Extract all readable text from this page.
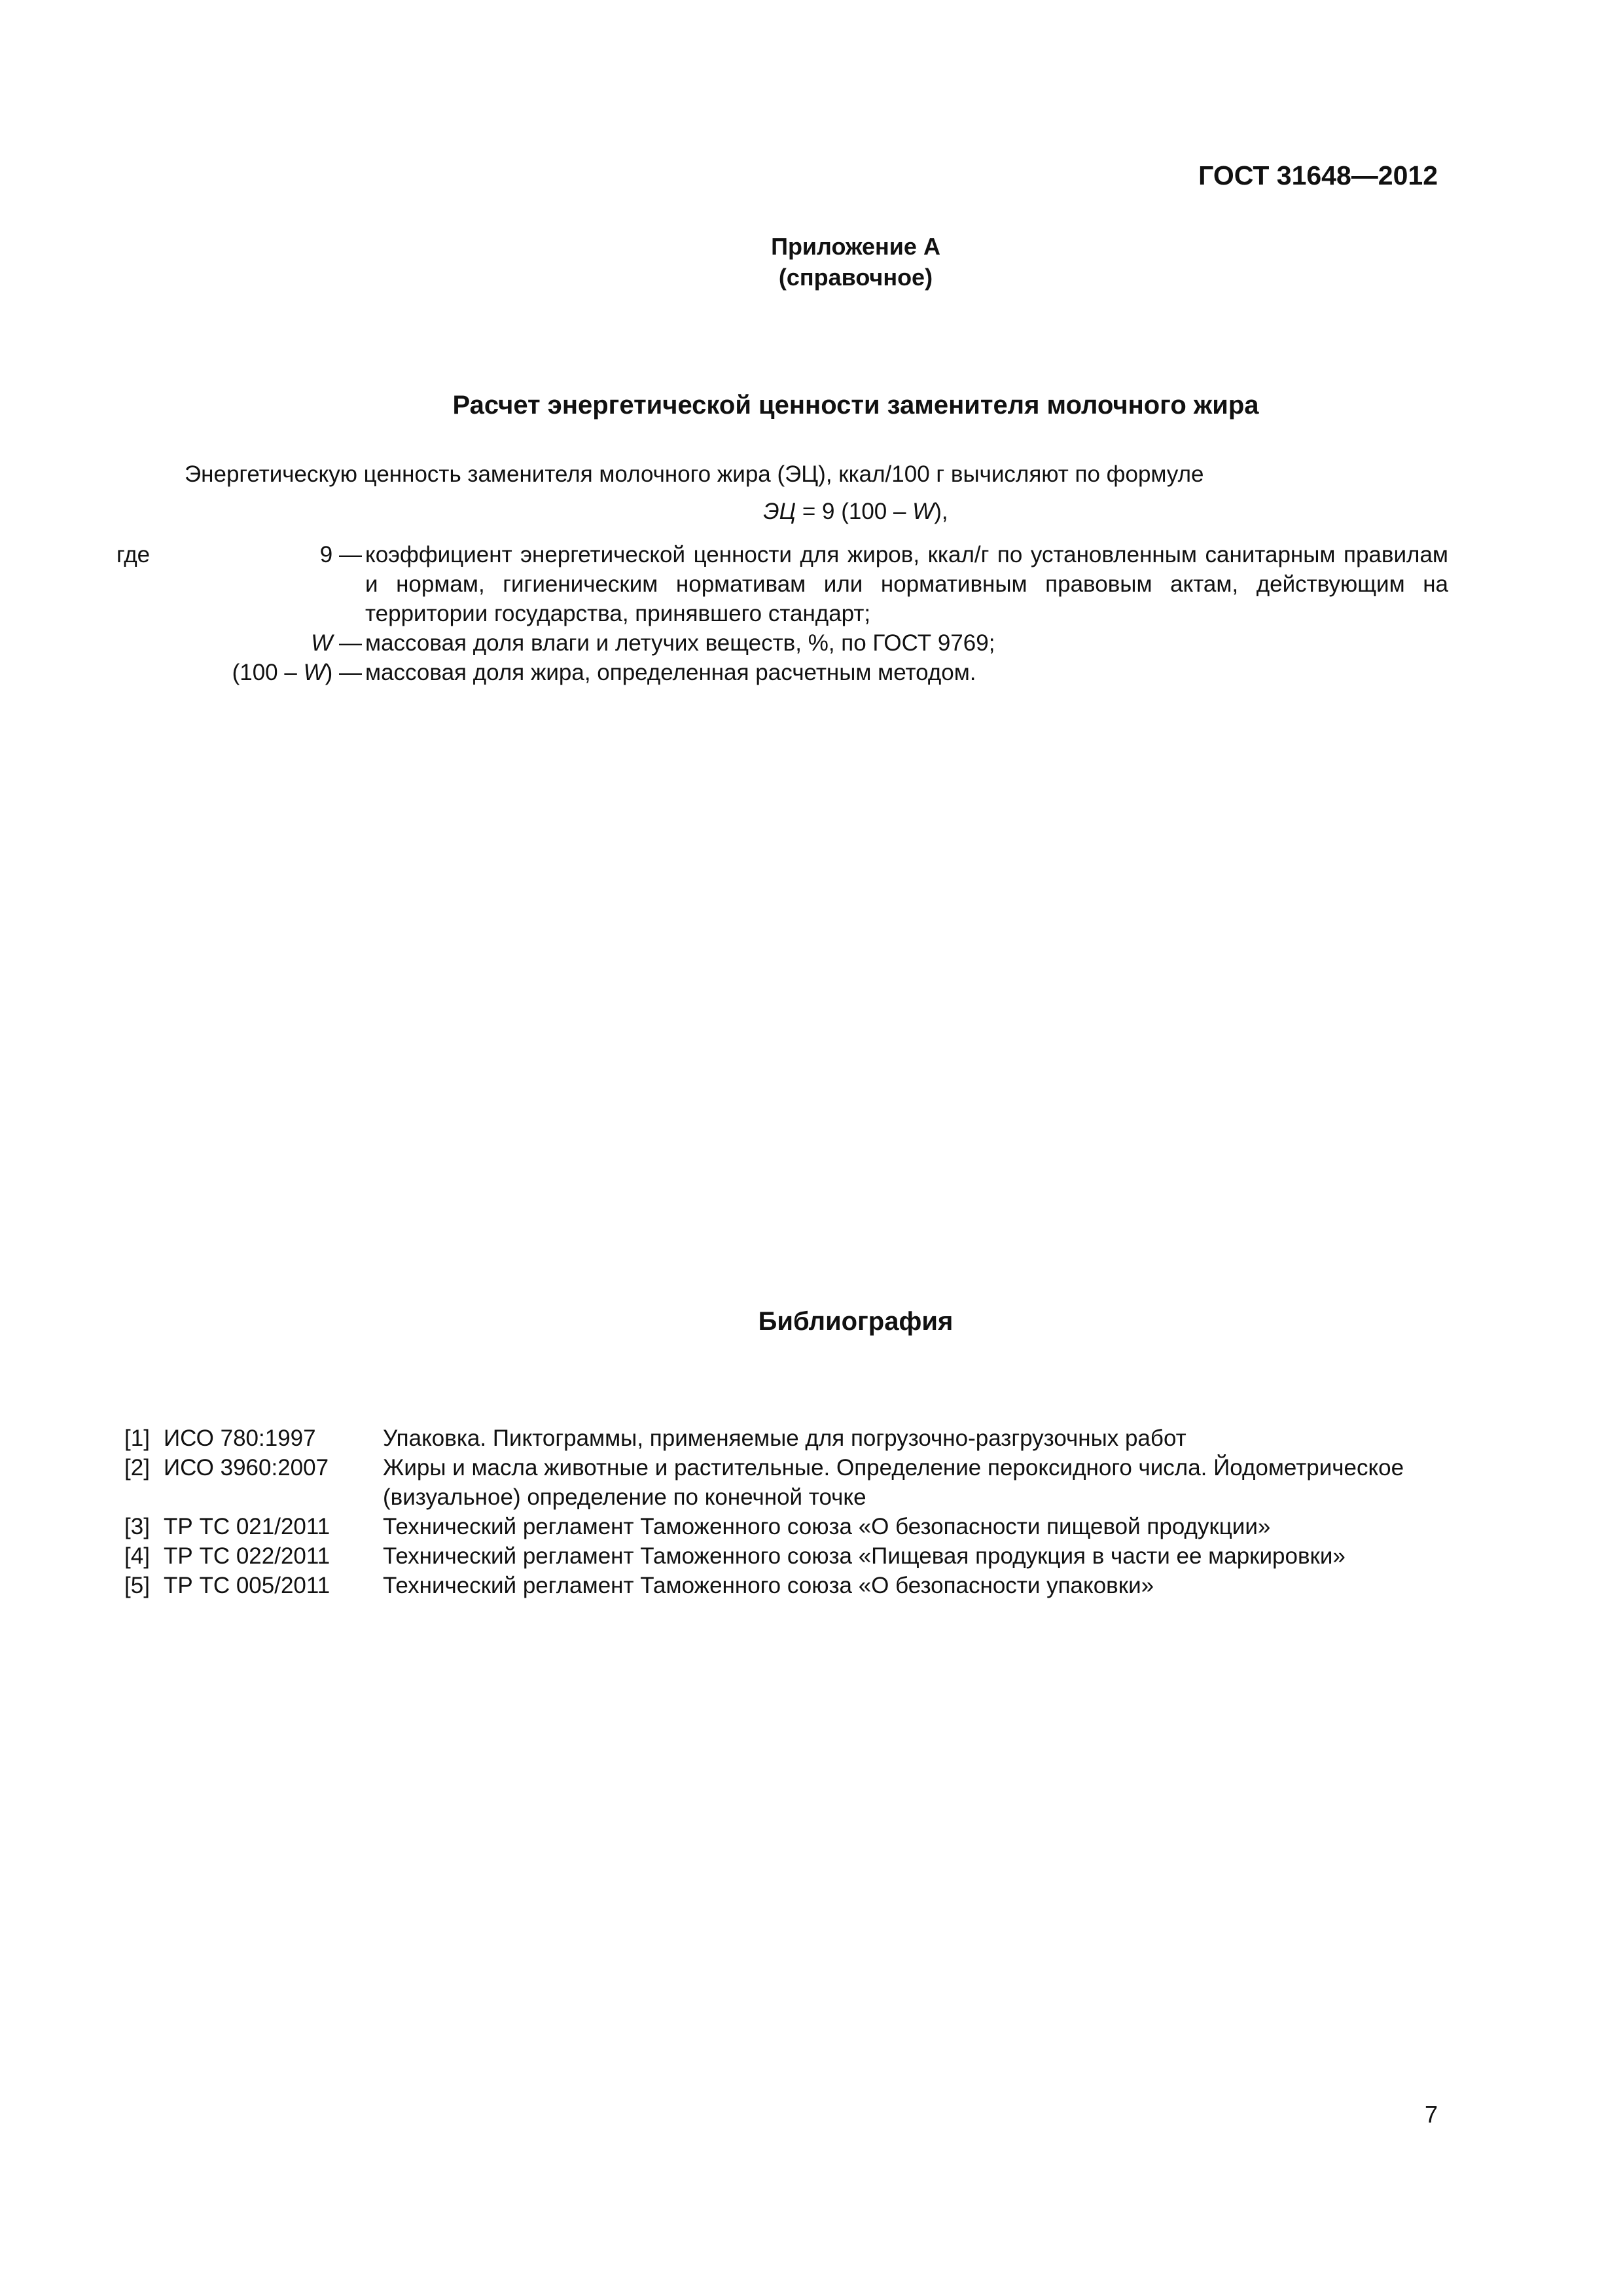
ГОСТ 31648—2012
Приложение А
(справочное)
Расчет энергетической ценности заменителя молочного жира
Энергетическую ценность заменителя молочного жира (ЭЦ), ккал/100 г вычисляют по формуле
ЭЦ = 9 (100 – W),
где	9 — коэффициент энергетической ценности для жиров, ккал/г по установленным санитарным правилам и нормам, гигиеническим нормативам или нормативным правовым актам, действующим на территории государства, принявшего стандарт;
W — массовая доля влаги и летучих веществ, %, по ГОСТ 9769;
(100 – W) — массовая доля жира, определенная расчетным методом.
Библиография
[1] ИСО 780:1997	Упаковка. Пиктограммы, применяемые для погрузочно-разгрузочных работ
[2] ИСО 3960:2007 Жиры и масла животные и растительные. Определение пероксидного числа. Йодометрическое (визуальное) определение по конечной точке
[3] ТР ТС 021/2011 Технический регламент Таможенного союза «О безопасности пищевой продукции»
[4] ТР ТС 022/2011 Технический регламент Таможенного союза «Пищевая продукция в части ее маркировки»
[5] ТР ТС 005/2011 Технический регламент Таможенного союза «О безопасности упаковки»
7
